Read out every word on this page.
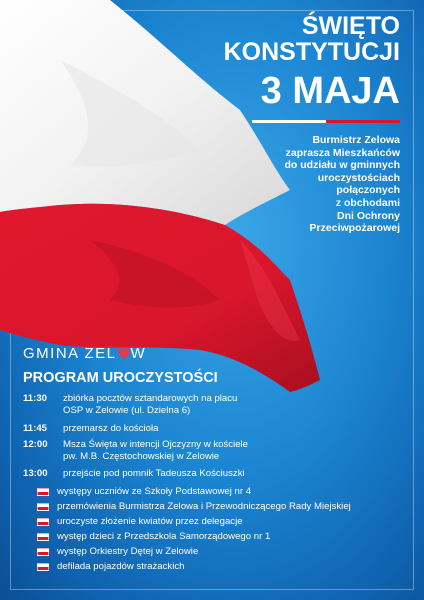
ŚWIĘTO
KONSTYTUCJI
3 MAJA
Burmistrz Zelowa
zaprasza Mieszkańców
do udziału w gminnych
uroczystościach
połączonych
z obchodami
Dni Ochrony
Przeciwpożarowej
GMINA ZEL W
PROGRAM UROCZYSTOŚCI
11:30	zbiórka pocztów sztandarowych na placu
OSP w Zelowie (ul. Dzielna 6)
11:45	przemarsz do kościoła
12:00	Msza Święta w intencji Ojczyzny w kościele
pw. M.B. Częstochowskiej w Zelowie
13:00	przejście pod pomnik Tadeusza Kościuszki
występy uczniów ze Szkoły Podstawowej nr 4
przemówienia Burmistrza Zelowa i Przewodniczącego Rady Miejskiej
uroczyste złożenie kwiatów przez delegacje
występ dzieci z Przedszkola Samorządowego nr 1
występ Orkiestry Dętej w Zelowie
defilada pojazdów strażackich
